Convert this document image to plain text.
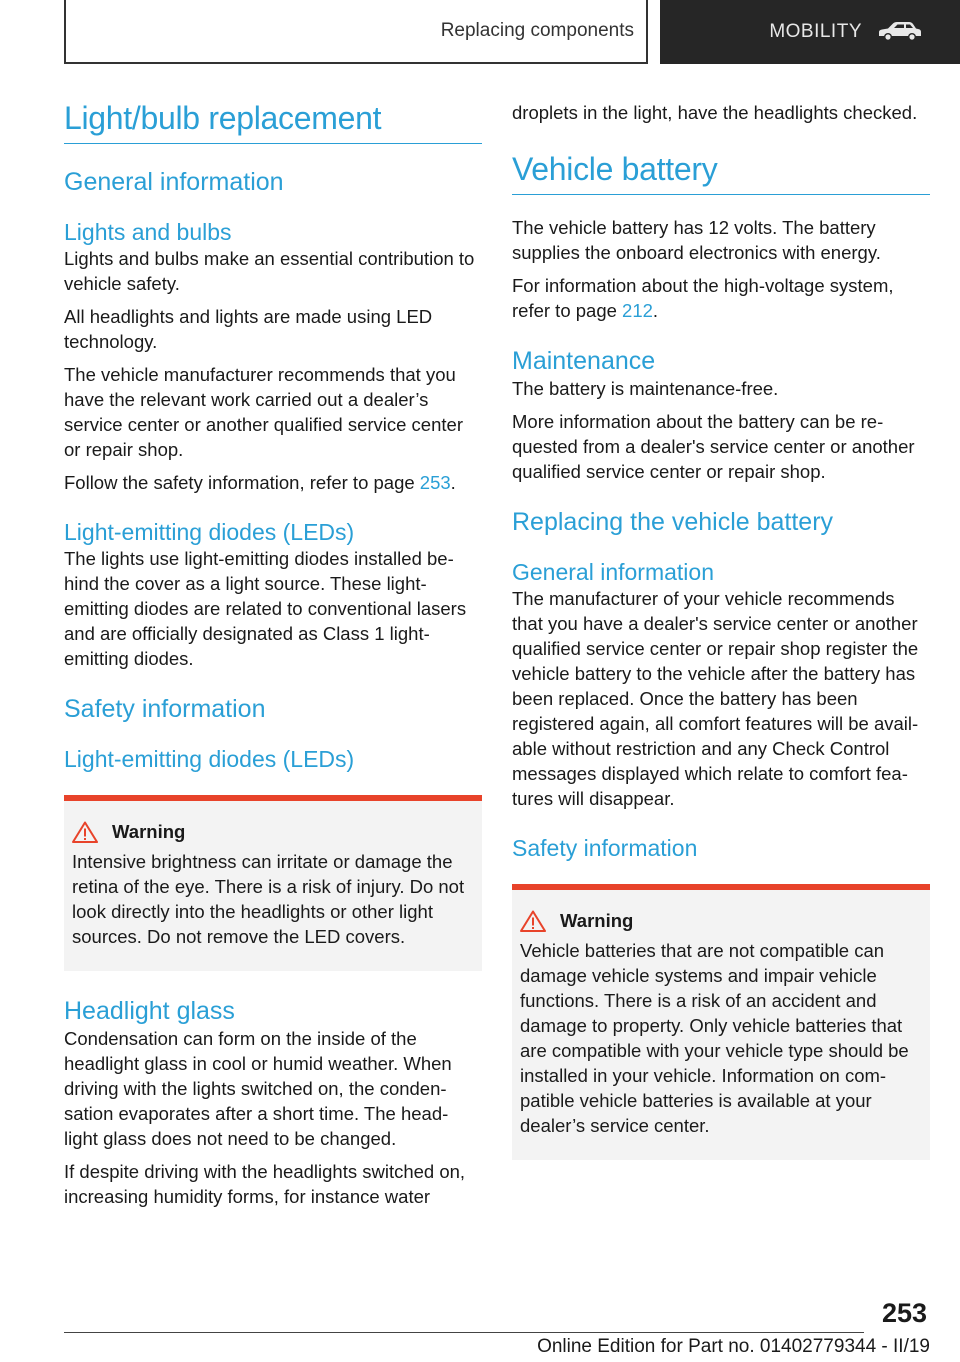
Replacing components	MOBILITY
Light/bulb replacement
General information
Lights and bulbs

Lights and bulbs make an essential contribution to vehicle safety.

All headlights and lights are made using LED technology.

The vehicle manufacturer recommends that you have the relevant work carried out a dealer’s service center or another qualified service center or repair shop.

Follow the safety information, refer to page 253.

Light-emitting diodes (LEDs)

The lights use light-emitting diodes installed be-hind the cover as a light source. These light-emitting diodes are related to conventional lasers and are officially designated as Class 1 light-emitting diodes.

Safety information
Light-emitting diodes (LEDs)
Warning

Intensive brightness can irritate or damage the retina of the eye. There is a risk of injury. Do not look directly into the headlights or other light sources. Do not remove the LED covers.

Headlight glass

Condensation can form on the inside of the headlight glass in cool or humid weather. When driving with the lights switched on, the conden-sation evaporates after a short time. The head-light glass does not need to be changed.

If despite driving with the headlights switched on, increasing humidity forms, for instance water

droplets in the light, have the headlights checked.

Vehicle battery

The vehicle battery has 12 volts. The battery supplies the onboard electronics with energy.

For information about the high-voltage system, refer to page 212.

Maintenance

The battery is maintenance-free.

More information about the battery can be re-quested from a dealer's service center or another qualified service center or repair shop.

Replacing the vehicle battery
General information

The manufacturer of your vehicle recommends that you have a dealer's service center or another qualified service center or repair shop register the vehicle battery to the vehicle after the battery has been replaced. Once the battery has been registered again, all comfort features will be avail-able without restriction and any Check Control messages displayed which relate to comfort fea-tures will disappear.

Safety information
Warning

Vehicle batteries that are not compatible can damage vehicle systems and impair vehicle functions. There is a risk of an accident and damage to property. Only vehicle batteries that are compatible with your vehicle type should be installed in your vehicle. Information on com-patible vehicle batteries is available at your dealer’s service center.

253
Online Edition for Part no. 01402779344 - II/19
